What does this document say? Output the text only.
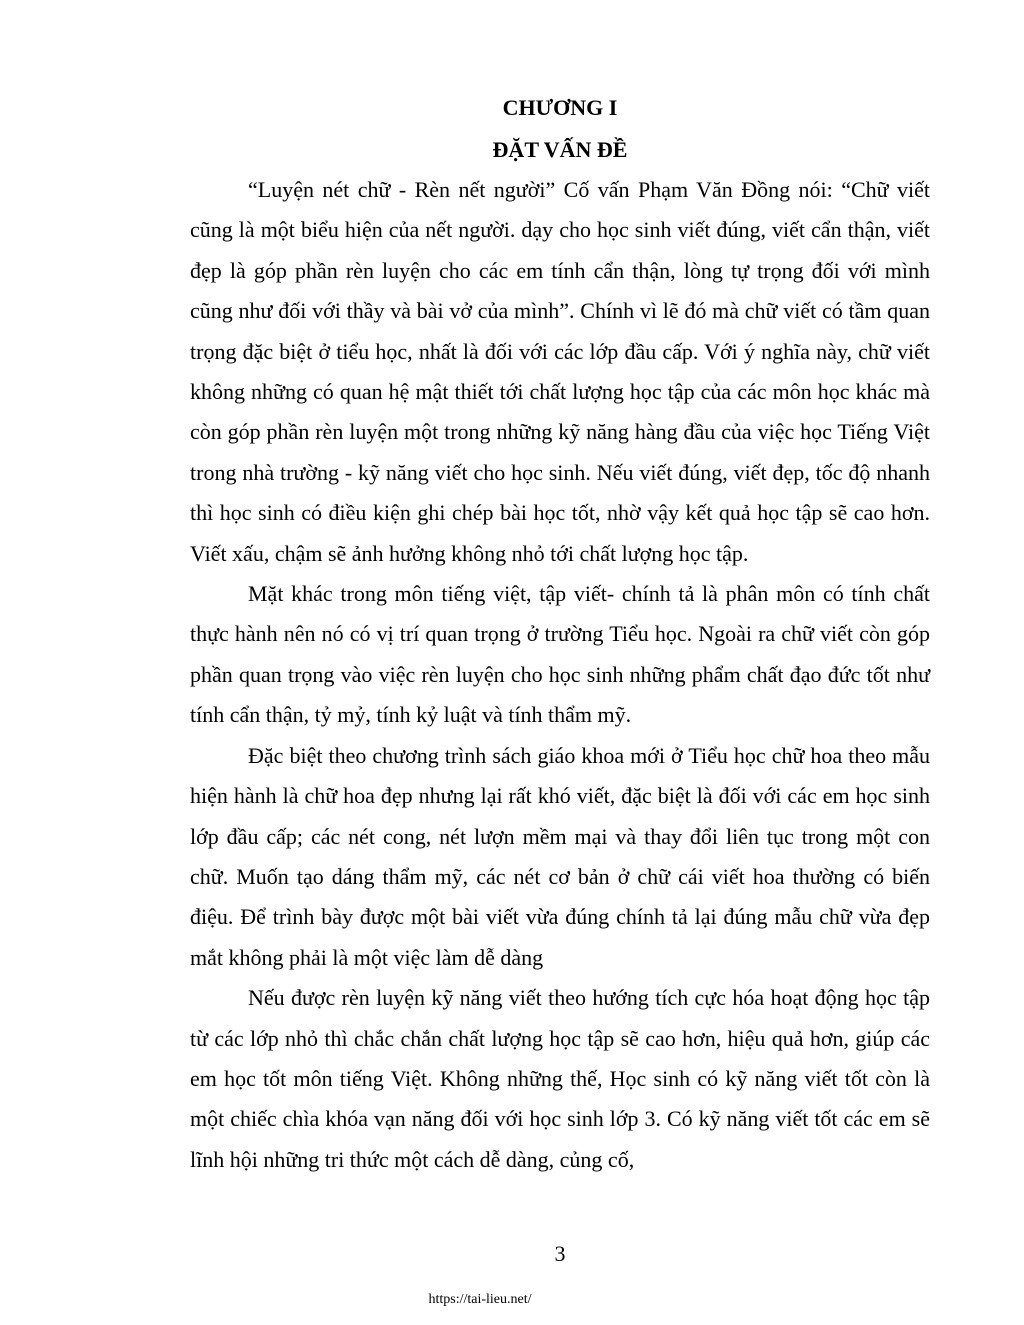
CHƯƠNG I
ĐẶT VẤN ĐỀ

“Luyện nét chữ - Rèn nết người” Cố vấn Phạm Văn Đồng nói: “Chữ viết cũng là một biểu hiện của nết người. dạy cho học sinh viết đúng, viết cẩn thận, viết đẹp là góp phần rèn luyện cho các em tính cẩn thận, lòng tự trọng đối với mình cũng như đối với thầy và bài vở của mình”. Chính vì lẽ đó mà chữ viết có tầm quan trọng đặc biệt ở tiểu học, nhất là đối với các lớp đầu cấp. Với ý nghĩa này, chữ viết không những có quan hệ mật thiết tới chất lượng học tập của các môn học khác mà còn góp phần rèn luyện một trong những kỹ năng hàng đầu của việc học Tiếng Việt trong nhà trường - kỹ năng viết cho học sinh. Nếu viết đúng, viết đẹp, tốc độ nhanh thì học sinh có điều kiện ghi chép bài học tốt, nhờ vậy kết quả học tập sẽ cao hơn. Viết xấu, chậm sẽ ảnh hưởng không nhỏ tới chất lượng học tập.

Mặt khác trong môn tiếng việt, tập viết- chính tả là phân môn có tính chất thực hành nên nó có vị trí quan trọng ở trường Tiểu học. Ngoài ra chữ viết còn góp phần quan trọng vào việc rèn luyện cho học sinh những phẩm chất đạo đức tốt như tính cẩn thận, tỷ mỷ, tính kỷ luật và tính thẩm mỹ.

Đặc biệt theo chương trình sách giáo khoa mới ở Tiểu học chữ hoa theo mẫu hiện hành là chữ hoa đẹp nhưng lại rất khó viết, đặc biệt là đối với các em học sinh lớp đầu cấp; các nét cong, nét lượn mềm mại và thay đổi liên tục trong một con chữ. Muốn tạo dáng thẩm mỹ, các nét cơ bản ở chữ cái viết hoa thường có biến điệu. Để trình bày được một bài viết vừa đúng chính tả lại đúng mẫu chữ vừa đẹp mắt không phải là một việc làm dễ dàng

Nếu được rèn luyện kỹ năng viết theo hướng tích cực hóa hoạt động học tập từ các lớp nhỏ thì chắc chắn chất lượng học tập sẽ cao hơn, hiệu quả hơn, giúp các em học tốt môn tiếng Việt. Không những thế, Học sinh có kỹ năng viết tốt còn là một chiếc chìa khóa vạn năng đối với học sinh lớp 3. Có kỹ năng viết tốt các em sẽ lĩnh hội những tri thức một cách dễ dàng, củng cố,

3
https://tai-lieu.net/
